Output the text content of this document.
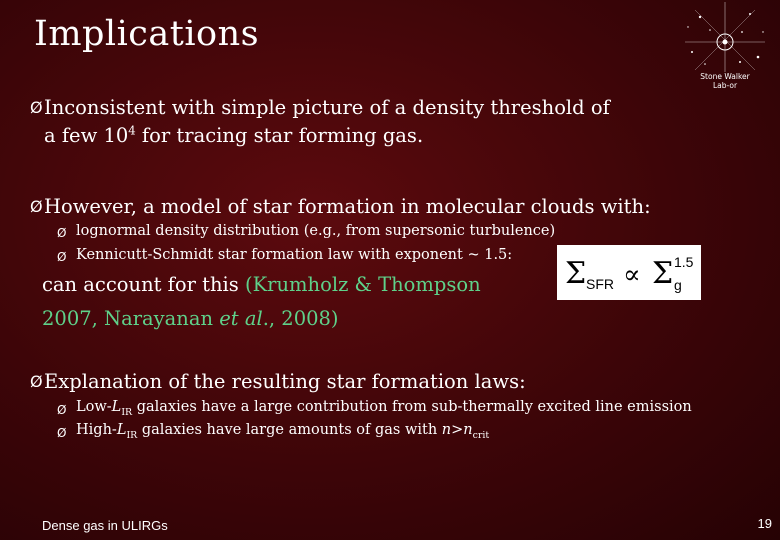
Implications
Stone Walker
Lab-or
Ø Inconsistent with simple picture of a density threshold of
a few $10^4$ for tracing star forming gas.
Ø However, a model of star formation in molecular clouds with:
Ø lognormal density distribution (e.g., from supersonic turbulence)
Ø Kennicutt-Schmidt star formation law with exponent ~ 1.5:
can account for this (Krumholz & Thompson
2007, Narayanan et al., 2008)
Σ SFR ∝ Σ g
1.5
Ø Explanation of the resulting star formation laws:
Ø Low-$L_{IR}$ galaxies have a large contribution from sub-thermally excited line emission
Ø High-$L_{IR}$ galaxies have large amounts of gas with $n>n_{crit}$
Dense gas in ULIRGs	19
